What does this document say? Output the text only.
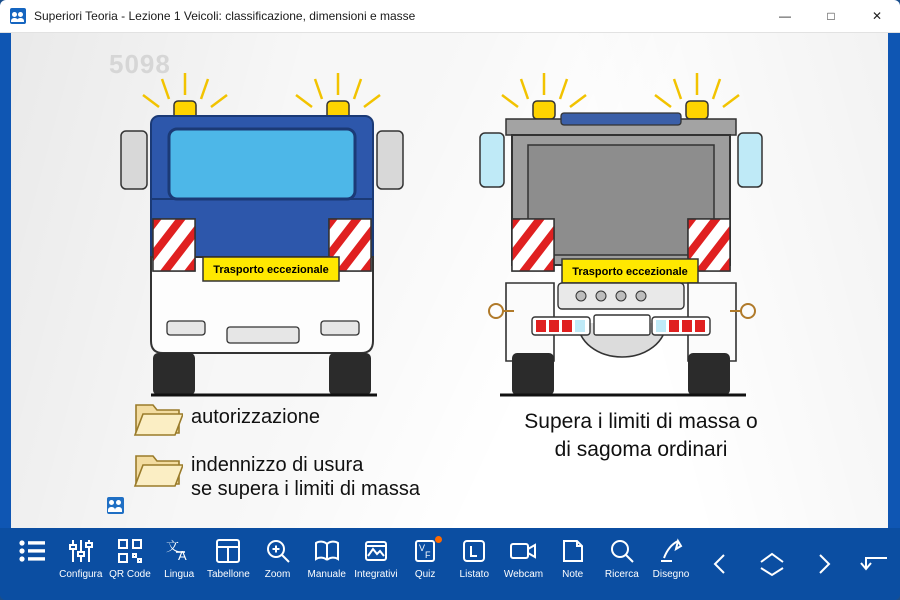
Superiori Teoria - Lezione 1 Veicoli: classificazione, dimensioni e masse	—	□	✕
5098
Trasporto eccezionale	Trasporto eccezionale
autorizzazione
indennizzo di usura
se supera i limiti di massa
Supera i limiti di massa o
di sagoma ordinari
Configura QR Code
文
A
Lingua Tabellone Zoom Manuale Integrativi
V
F
Quiz Listato Webcam Note Ricerca Disegno
